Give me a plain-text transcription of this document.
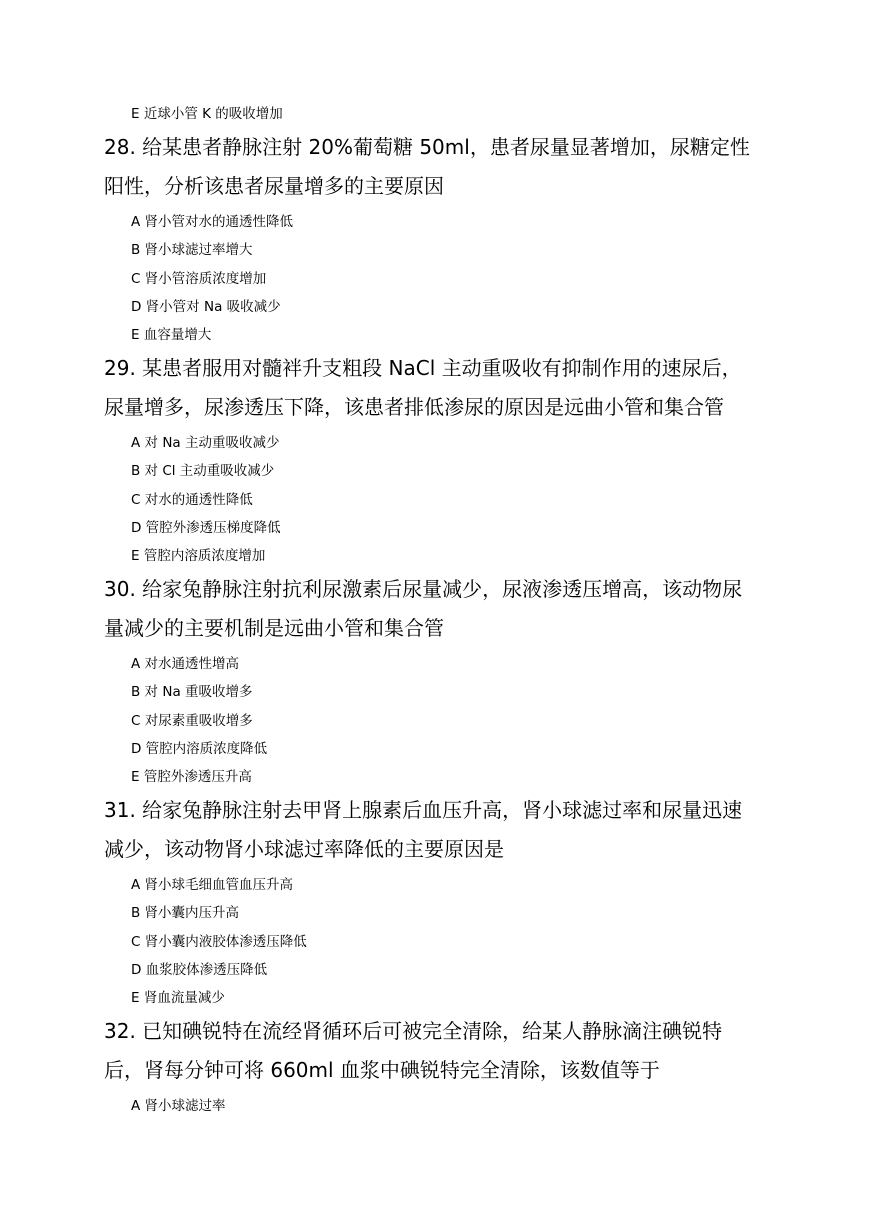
E 近球小管 K 的吸收增加
28. 给某患者静脉注射 20%葡萄糖 50ml，患者尿量显著增加，尿糖定性
阳性，分析该患者尿量增多的主要原因
A 肾小管对水的通透性降低
B 肾小球滤过率增大
C 肾小管溶质浓度增加
D 肾小管对 Na 吸收减少
E 血容量增大
29. 某患者服用对髓袢升支粗段 NaCl 主动重吸收有抑制作用的速尿后，
尿量增多，尿渗透压下降，该患者排低渗尿的原因是远曲小管和集合管
A 对 Na 主动重吸收减少
B 对 Cl 主动重吸收减少
C 对水的通透性降低
D 管腔外渗透压梯度降低
E 管腔内溶质浓度增加
30. 给家兔静脉注射抗利尿激素后尿量减少，尿液渗透压增高，该动物尿
量减少的主要机制是远曲小管和集合管
A 对水通透性增高
B 对 Na 重吸收增多
C 对尿素重吸收增多
D 管腔内溶质浓度降低
E 管腔外渗透压升高
31. 给家兔静脉注射去甲肾上腺素后血压升高，肾小球滤过率和尿量迅速
减少，该动物肾小球滤过率降低的主要原因是
A 肾小球毛细血管血压升高
B 肾小囊内压升高
C 肾小囊内液胶体渗透压降低
D 血浆胶体渗透压降低
E 肾血流量减少
32. 已知碘锐特在流经肾循环后可被完全清除，给某人静脉滴注碘锐特
后，肾每分钟可将 660ml 血浆中碘锐特完全清除，该数值等于
A 肾小球滤过率
